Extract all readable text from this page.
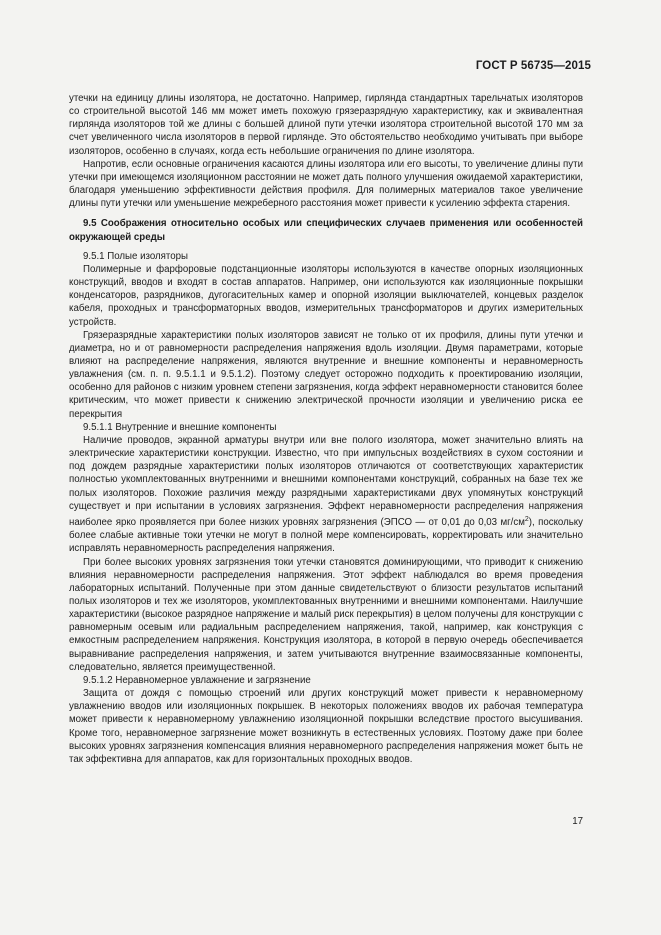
ГОСТ Р 56735—2015

утечки на единицу длины изолятора, не достаточно. Например, гирлянда стандартных тарельчатых изоляторов со строительной высотой 146 мм может иметь похожую грязеразрядную характеристику, как и эквивалентная гирлянда изоляторов той же длины с большей длиной пути утечки изолятора строительной высотой 170 мм за счет увеличенного числа изоляторов в первой гирлянде. Это обстоятельство необходимо учитывать при выборе изоляторов, особенно в случаях, когда есть небольшие ограничения по длине изолятора.

Напротив, если основные ограничения касаются длины изолятора или его высоты, то увеличение длины пути утечки при имеющемся изоляционном расстоянии не может дать полного улучшения ожидаемой характеристики, благодаря уменьшению эффективности действия профиля. Для полимерных материалов такое увеличение длины пути утечки или уменьшение межреберного расстояния может привести к усилению эффекта старения.

9.5 Соображения относительно особых или специфических случаев применения или особенностей окружающей среды

9.5.1 Полые изоляторы

Полимерные и фарфоровые подстанционные изоляторы используются в качестве опорных изоляционных конструкций, вводов и входят в состав аппаратов. Например, они используются как изоляционные покрышки конденсаторов, разрядников, дугогасительных камер и опорной изоляции выключателей, концевых разделок кабеля, проходных и трансформаторных вводов, измерительных трансформаторов и других измерительных устройств.

Грязеразрядные характеристики полых изоляторов зависят не только от их профиля, длины пути утечки и диаметра, но и от равномерности распределения напряжения вдоль изоляции. Двумя параметрами, которые влияют на распределение напряжения, являются внутренние и внешние компоненты и неравномерность увлажнения (см. п. п. 9.5.1.1 и 9.5.1.2). Поэтому следует осторожно подходить к проектированию изоляции, особенно для районов с низким уровнем степени загрязнения, когда эффект неравномерности становится более критическим, что может привести к снижению электрической прочности изоляции и увеличению риска ее перекрытия

9.5.1.1 Внутренние и внешние компоненты

Наличие проводов, экранной арматуры внутри или вне полого изолятора, может значительно влиять на электрические характеристики конструкции. Известно, что при импульсных воздействиях в сухом состоянии и под дождем разрядные характеристики полых изоляторов отличаются от соответствующих характеристик полностью укомплектованных внутренними и внешними компонентами конструкций, собранных на базе тех же полых изоляторов. Похожие различия между разрядными характеристиками двух упомянутых конструкций существует и при испытании в условиях загрязнения. Эффект неравномерности распределения напряжения наиболее ярко проявляется при более низких уровнях загрязнения (ЭПСО — от 0,01 до 0,03 $мг/см^2$), поскольку более слабые активные токи утечки не могут в полной мере компенсировать, корректировать или значительно исправлять неравномерность распределения напряжения.

При более высоких уровнях загрязнения токи утечки становятся доминирующими, что приводит к снижению влияния неравномерности распределения напряжения. Этот эффект наблюдался во время проведения лабораторных испытаний. Полученные при этом данные свидетельствуют о близости результатов испытаний полых изоляторов и тех же изоляторов, укомплектованных внутренними и внешними компонентами. Наилучшие характеристики (высокое разрядное напряжение и малый риск перекрытия) в целом получены для конструкции с равномерным осевым или радиальным распределением напряжения, такой, например, как конструкция с емкостным распределением напряжения. Конструкция изолятора, в которой в первую очередь обеспечивается выравнивание распределения напряжения, и затем учитываются внутренние взаимосвязанные компоненты, следовательно, является преимущественной.

9.5.1.2 Неравномерное увлажнение и загрязнение

Защита от дождя с помощью строений или других конструкций может привести к неравномерному увлажнению вводов или изоляционных покрышек. В некоторых положениях вводов их рабочая температура может привести к неравномерному увлажнению изоляционной покрышки вследствие простого высушивания. Кроме того, неравномерное загрязнение может возникнуть в естественных условиях. Поэтому даже при более высоких уровнях загрязнения компенсация влияния неравномерного распределения напряжения может быть не так эффективна для аппаратов, как для горизонтальных проходных вводов.

17
